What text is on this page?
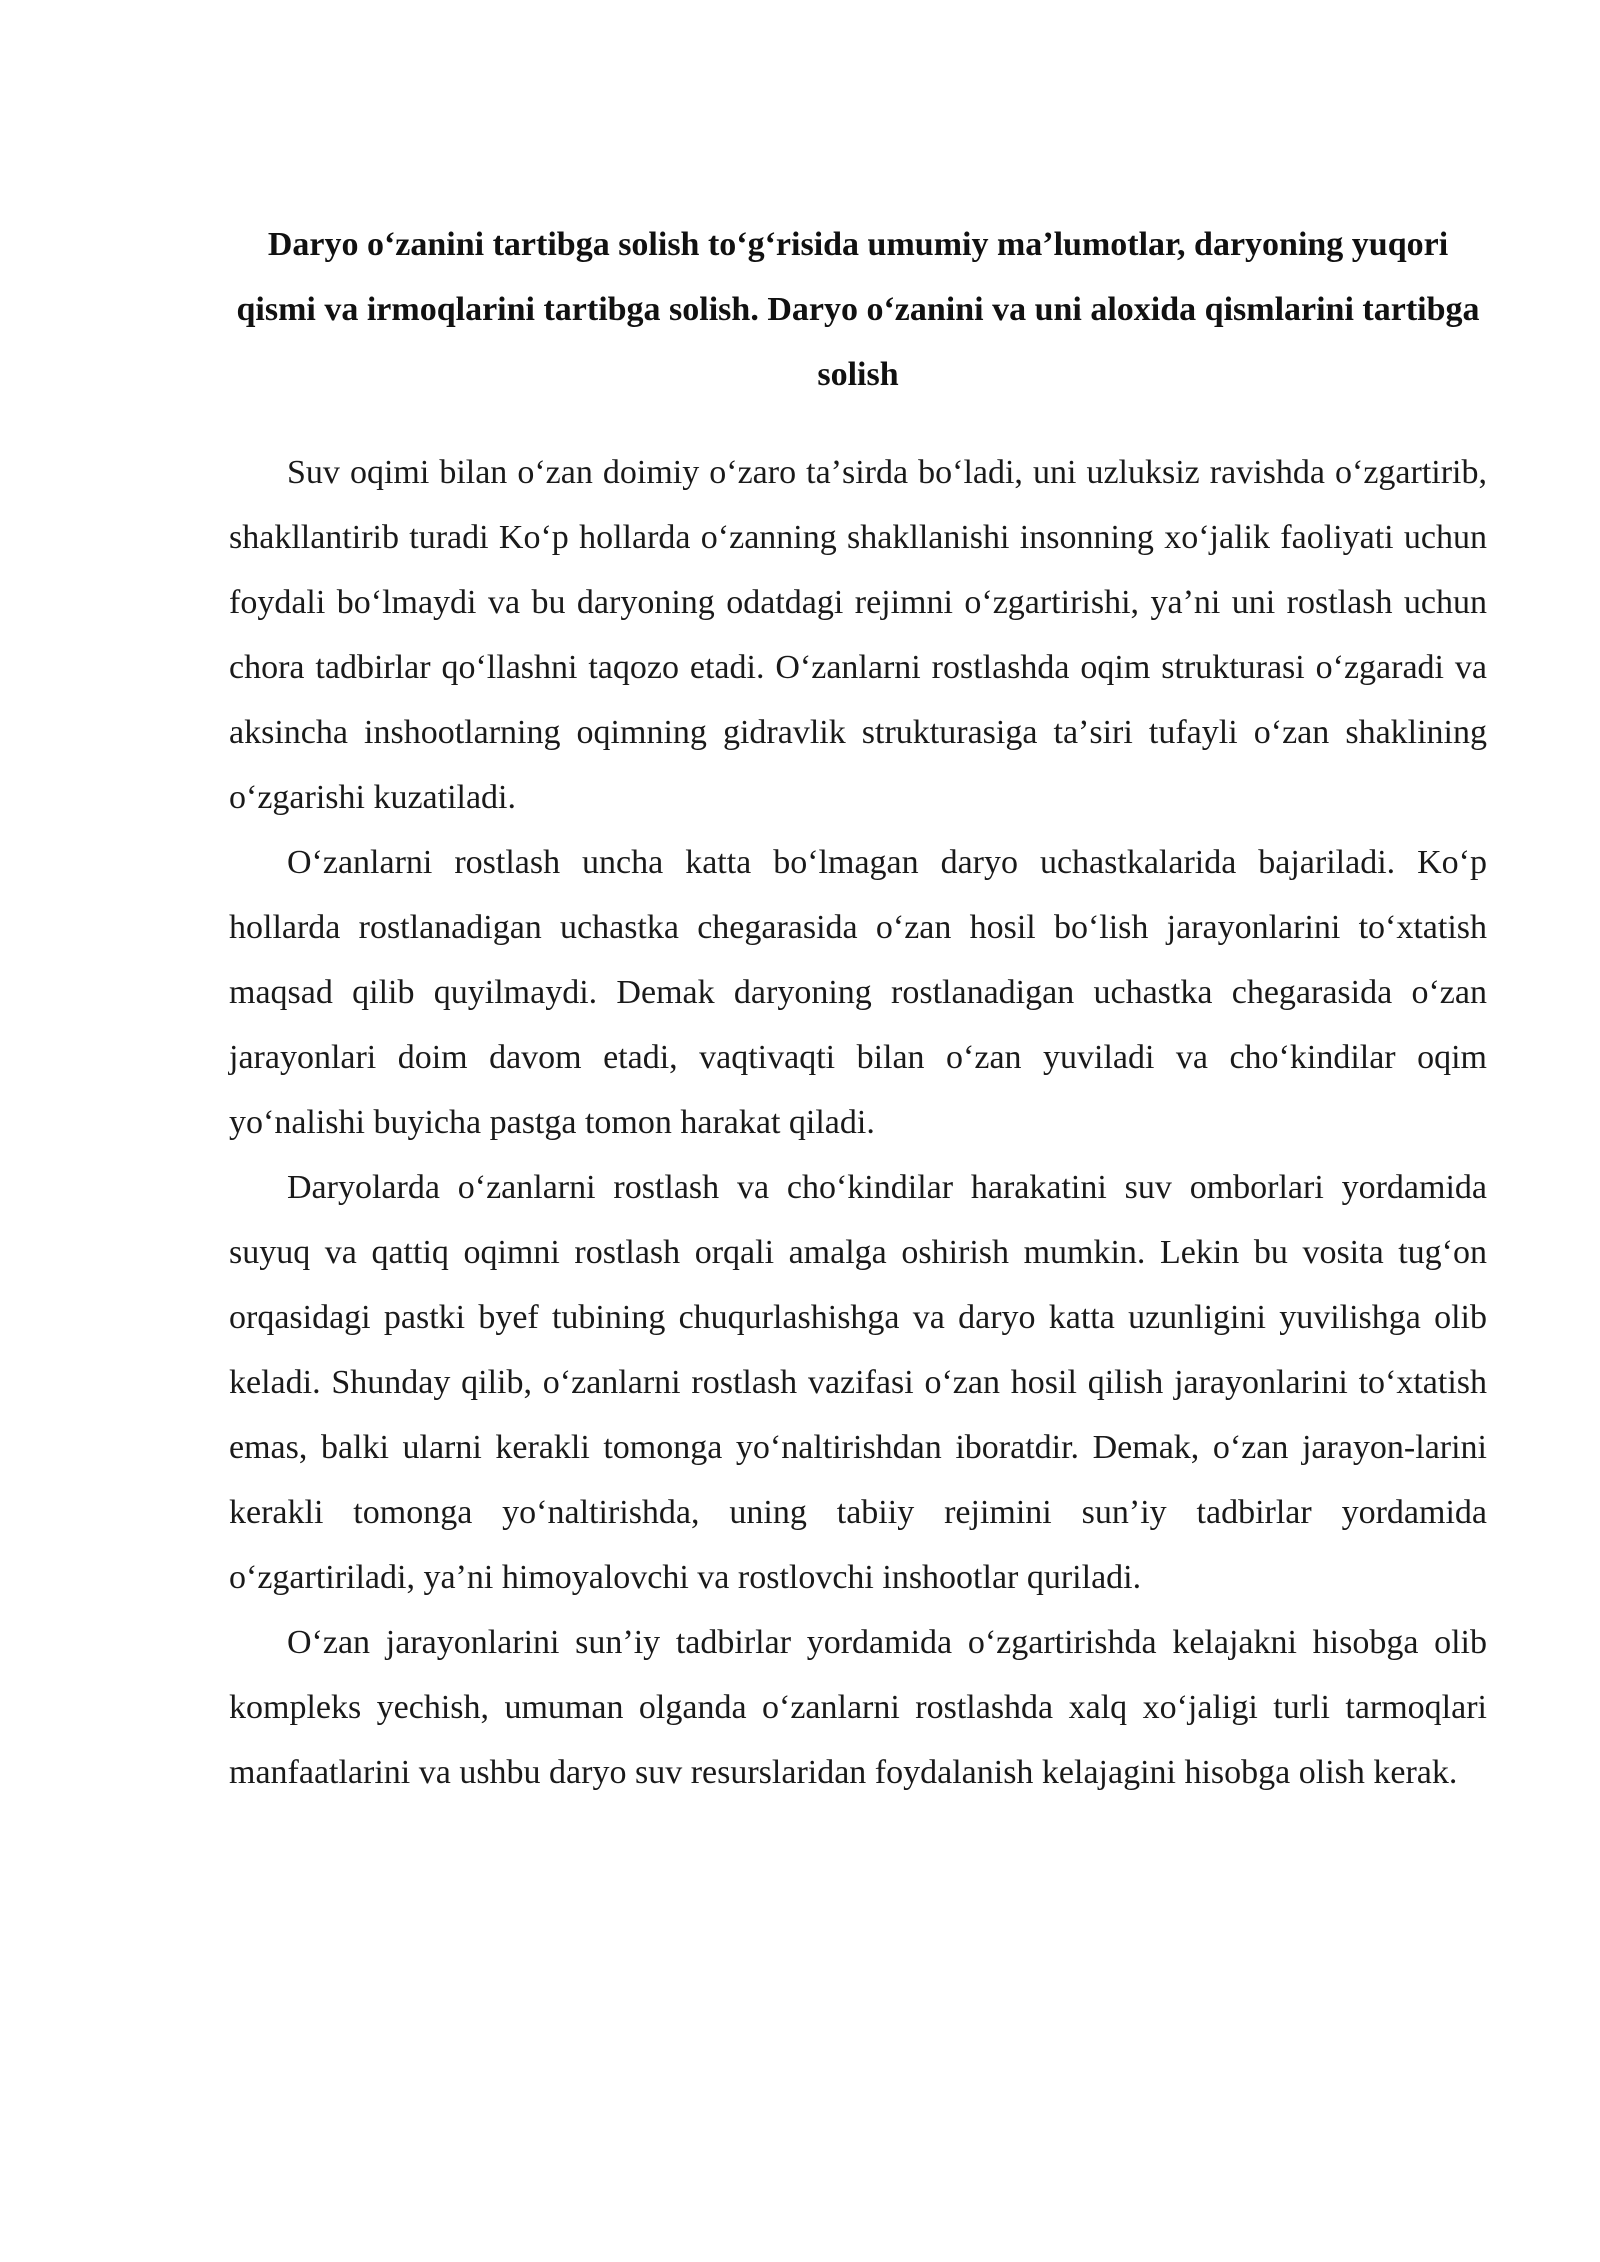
Daryo oʻzanini tartibga solish toʻgʻrisida umumiy maʼlumotlar, daryoning yuqori qismi va irmoqlarini tartibga solish. Daryo oʻzanini va uni aloxida qismlarini tartibga solish

Suv oqimi bilan oʻzan doimiy oʻzaro taʼsirda boʻladi, uni uzluksiz ravishda oʻzgartirib, shakllantirib turadi Koʻp hollarda oʻzanning shakllanishi insonning xoʻjalik faoliyati uchun foydali boʻlmaydi va bu daryoning odatdagi rejimni oʻzgartirishi, yaʼni uni rostlash uchun chora tadbirlar qoʻllashni taqozo etadi. Oʻzanlarni rostlashda oqim strukturasi oʻzgaradi va aksincha inshootlarning oqimning gidravlik strukturasiga taʼsiri tufayli oʻzan shaklining oʻzgarishi kuzatiladi.

Oʻzanlarni rostlash uncha katta boʻlmagan daryo uchastkalarida bajariladi. Koʻp hollarda rostlanadigan uchastka chegarasida oʻzan hosil boʻlish jarayonlarini toʻxtatish maqsad qilib quyilmaydi. Demak daryoning rostlanadigan uchastka chegarasida oʻzan jarayonlari doim davom etadi, vaqtivaqti bilan oʻzan yuviladi va choʻkindilar oqim yoʻnalishi buyicha pastga tomon harakat qiladi.

Daryolarda oʻzanlarni rostlash va choʻkindilar harakatini suv omborlari yordamida suyuq va qattiq oqimni rostlash orqali amalga oshirish mumkin. Lekin bu vosita tugʻon orqasidagi pastki byef tubining chuqurlashishga va daryo katta uzunligini yuvilishga olib keladi. Shunday qilib, oʻzanlarni rostlash vazifasi oʻzan hosil qilish jarayonlarini toʻxtatish emas, balki ularni kerakli tomonga yoʻnaltirishdan iboratdir. Demak, oʻzan jarayon-larini kerakli tomonga yoʻnaltirishda, uning tabiiy rejimini sunʼiy tadbirlar yordamida oʻzgartiriladi, yaʼni himoyalovchi va rostlovchi inshootlar quriladi.

Oʻzan jarayonlarini sunʼiy tadbirlar yordamida oʻzgartirishda kelajakni hisobga olib kompleks yechish, umuman olganda oʻzanlarni rostlashda xalq xoʻjaligi turli tarmoqlari manfaatlarini va ushbu daryo suv resurslaridan foydalanish kelajagini hisobga olish kerak.
